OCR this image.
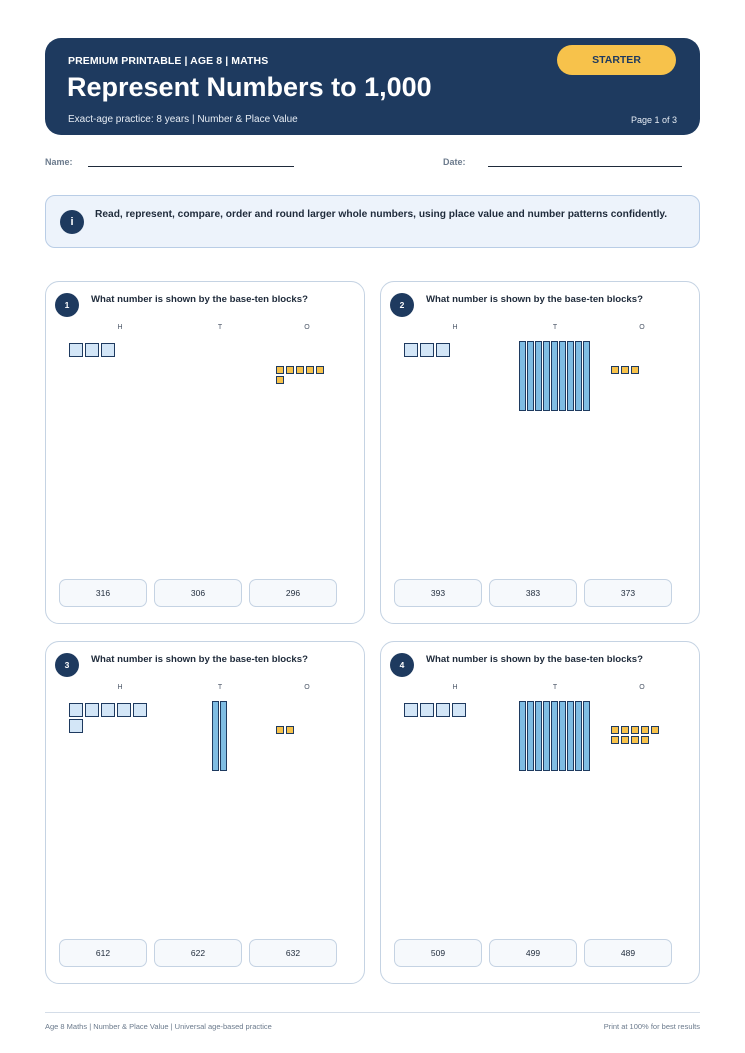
PREMIUM PRINTABLE | AGE 8 | MATHS
Represent Numbers to 1,000
Exact-age practice: 8 years | Number & Place Value	Page 1 of 3
STARTER
Name:	Date:
i
Read, represent, compare, order and round larger whole numbers, using place value and number patterns confidently.
1	What number is shown by the base-ten blocks?
H	T	O
316	306	296
2	What number is shown by the base-ten blocks?
H	T	O
393	383	373
3	What number is shown by the base-ten blocks?
H	T	O
612	622	632
4	What number is shown by the base-ten blocks?
H	T	O
509	499	489
Age 8 Maths | Number & Place Value | Universal age-based practice	Print at 100% for best results
